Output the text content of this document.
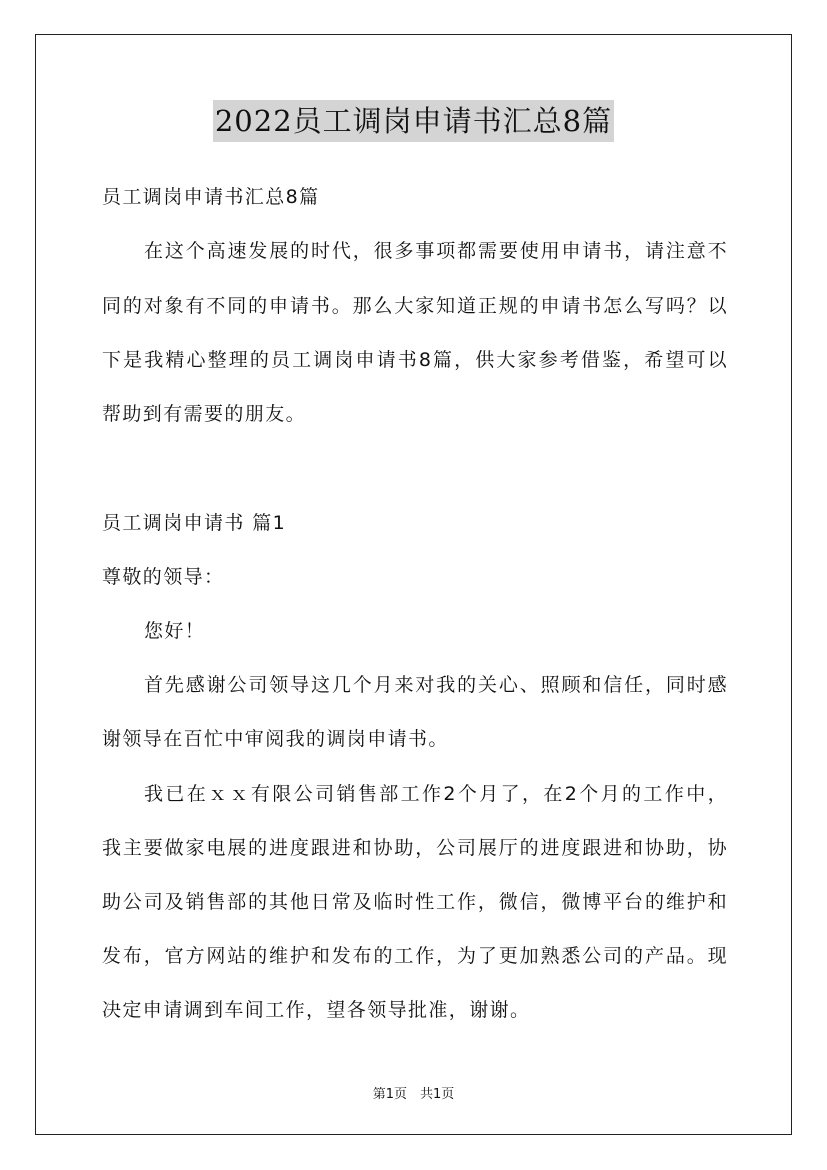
2022员工调岗申请书汇总8篇
员工调岗申请书汇总8篇
在这个高速发展的时代，很多事项都需要使用申请书，请注意不
同的对象有不同的申请书。那么大家知道正规的申请书怎么写吗？以
下是我精心整理的员工调岗申请书8篇，供大家参考借鉴，希望可以
帮助到有需要的朋友。
员工调岗申请书 篇1
尊敬的领导：
您好！
首先感谢公司领导这几个月来对我的关心、照顾和信任，同时感
谢领导在百忙中审阅我的调岗申请书。
我已在ｘｘ有限公司销售部工作2个月了，在2个月的工作中，
我主要做家电展的进度跟进和协助，公司展厅的进度跟进和协助，协
助公司及销售部的其他日常及临时性工作，微信，微博平台的维护和
发布，官方网站的维护和发布的工作，为了更加熟悉公司的产品。现
决定申请调到车间工作，望各领导批准，谢谢。
第1页　共1页
